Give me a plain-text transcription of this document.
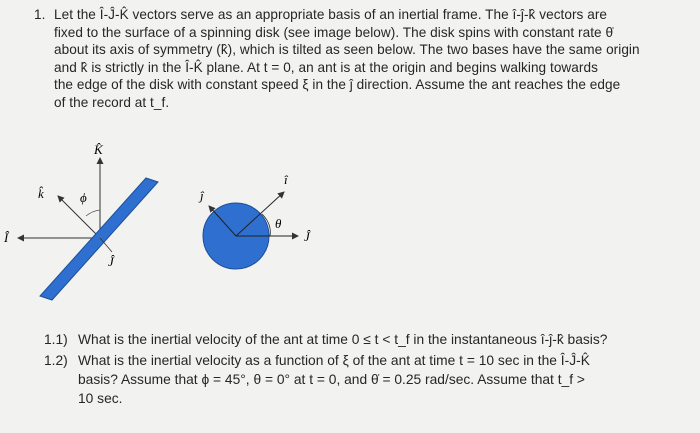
1. Let the Î-Ĵ-K̂ vectors serve as an appropriate basis of an inertial frame. The î-ĵ-k̂ vectors are
fixed to the surface of a spinning disk (see image below). The disk spins with constant rate θ̇
about its axis of symmetry (k̂), which is tilted as seen below. The two bases have the same origin
and k̂ is strictly in the Î-K̂ plane. At t = 0, an ant is at the origin and begins walking towards
the edge of the disk with constant speed ξ in the ĵ direction. Assume the ant reaches the edge
of the record at t_f.
K̂
k̂	ϕ
Î
Ĵ
ĵ
î
θ
Ĵ
1.1) What is the inertial velocity of the ant at time 0 ≤ t < t_f in the instantaneous î-ĵ-k̂ basis?
1.2) What is the inertial velocity as a function of ξ of the ant at time t = 10 sec in the Î-Ĵ-K̂
basis? Assume that ϕ = 45°, θ = 0° at t = 0, and θ̇ = 0.25 rad/sec. Assume that t_f >
10 sec.
